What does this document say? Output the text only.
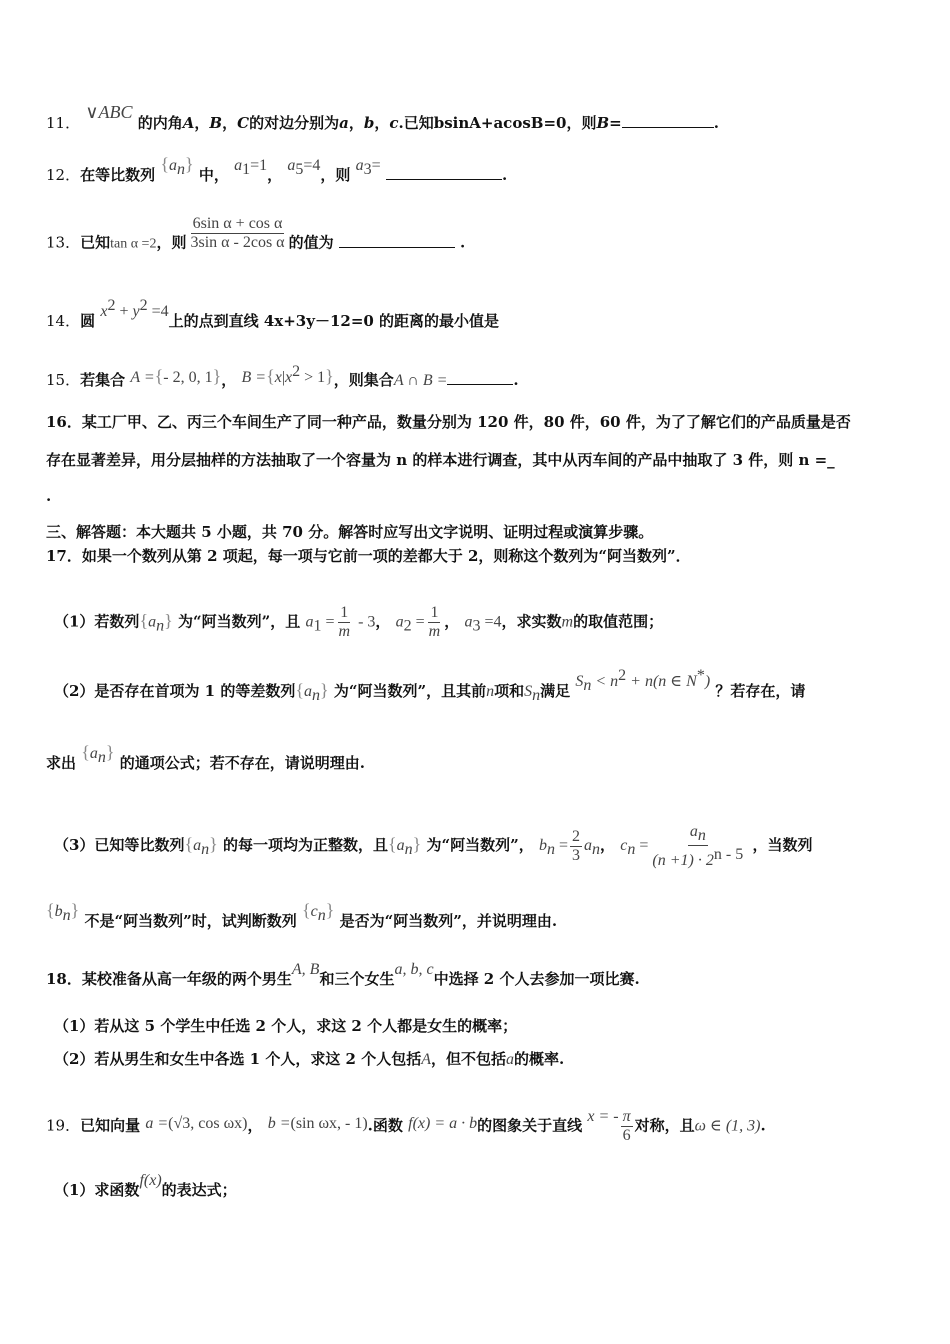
11． ∨ABC 的内角A，B，C的对边分别为a，b，c.已知bsinA+acosB=0，则B=	.
12．在等比数列 $\{a_n\}$ 中， $a_1=1$， $a_5=4$，则 $a_3=$ .
13．已知tan α =2，则 $\frac{\text{6sin α + cos α}}{\text{3sin α - 2cos α}}$ 的值为	.
14．圆 $x^2 + y^2 =4$上的点到直线 4x+3y－12=0 的距离的最小值是
15．若集合 A ={- 2, 0, 1}， $B =\{x|x^2 > 1\}$，则集合A ∩ B =	.
16．某工厂甲、乙、丙三个车间生产了同一种产品，数量分别为 120 件，80 件，60 件，为了了解它们的产品质量是否
存在显著差异，用分层抽样的方法抽取了一个容量为 n 的样本进行调查，其中从丙车间的产品中抽取了 3 件，则 n =_
.
三、解答题：本大题共 5 小题，共 70 分。解答时应写出文字说明、证明过程或演算步骤。
17．如果一个数列从第 2 项起，每一项与它前一项的差都大于 2，则称这个数列为“阿当数列”．
（1）若数列$\{a_n\}$ 为“阿当数列”，且 $a_1 = \frac{1}{m} - 3$， $a_2 = \frac{1}{m}$ ， $a_3 =4$，求实数m的取值范围；
（2）是否存在首项为 1 的等差数列$\{a_n\}$ 为“阿当数列”，且其前n项和$S_n$满足 $S_n < n^2 + n(n$ ∈ N*) ？若存在，请
求出 $\{a_n\}$ 的通项公式；若不存在，请说明理由.
（3）已知等比数列$\{a_n\}$ 的每一项均为正整数，且$\{a_n\}$ 为“阿当数列”， $b_n = \frac{2}{3} a_n$， $c_n = \frac{a_n}{(n +1) \cdot 2^{n - 5}}$ ，当数列
$\{b_n\}$ 不是“阿当数列”时，试判断数列 $\{c_n\}$ 是否为“阿当数列”，并说明理由.
18．某校准备从高一年级的两个男生A, B和三个女生a, b, c中选择 2 个人去参加一项比赛.
（1）若从这 5 个学生中任选 2 个人，求这 2 个人都是女生的概率；
（2）若从男生和女生中各选 1 个人，求这 2 个人包括A，但不包括a的概率.
19．已知向量 a =(√3, cos ωx)， b =(sin ωx, - 1).函数 f(x) = a · b的图象关于直线 x = - $\frac{\pi}{6}$ 对称，且ω ∈ (1, 3).
（1）求函数f(x)的表达式；
